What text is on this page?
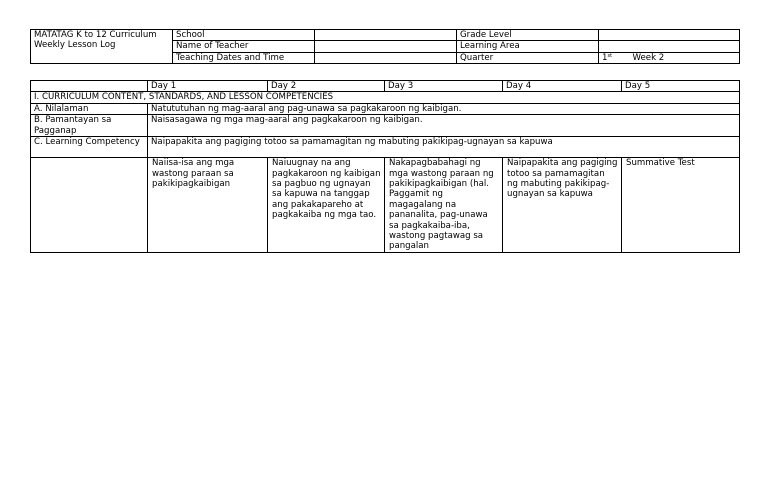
MATATAG K to 12 Curriculum
Weekly Lesson Log	School		Grade Level	
	Name of Teacher		Learning Area	
	Teaching Dates and Time		Quarter	1st Week 2
	Day 1	Day 2	Day 3	Day 4	Day 5
I. CURRICULUM CONTENT, STANDARDS, AND LESSON COMPETENCIES					
A. Nilalaman	Natututuhan ng mag-aaral ang pag-unawa sa pagkakaroon ng kaibigan.				
B. Pamantayan sa Pagganap	Naisasagawa ng mga mag-aaral ang pagkakaroon ng kaibigan.				
C. Learning Competency	Naipapakita ang pagiging totoo sa pamamagitan ng mabuting pakikipag-ugnayan sa kapuwa				
	Naiisa-isa ang mga wastong paraan sa pakikipagkaibigan	Naiuugnay na ang pagkakaroon ng kaibigan sa pagbuo ng ugnayan sa kapuwa na tanggap ang pakakapareho at pagkakaiba ng mga tao.	Nakapagbabahagi ng mga wastong paraan ng pakikipagkaibigan (hal. Paggamit ng magagalang na pananalita, pag-unawa sa pagkakaiba-iba, wastong pagtawag sa pangalan	Naipapakita ang pagiging totoo sa pamamagitan ng mabuting pakikipag-ugnayan sa kapuwa	Summative Test
